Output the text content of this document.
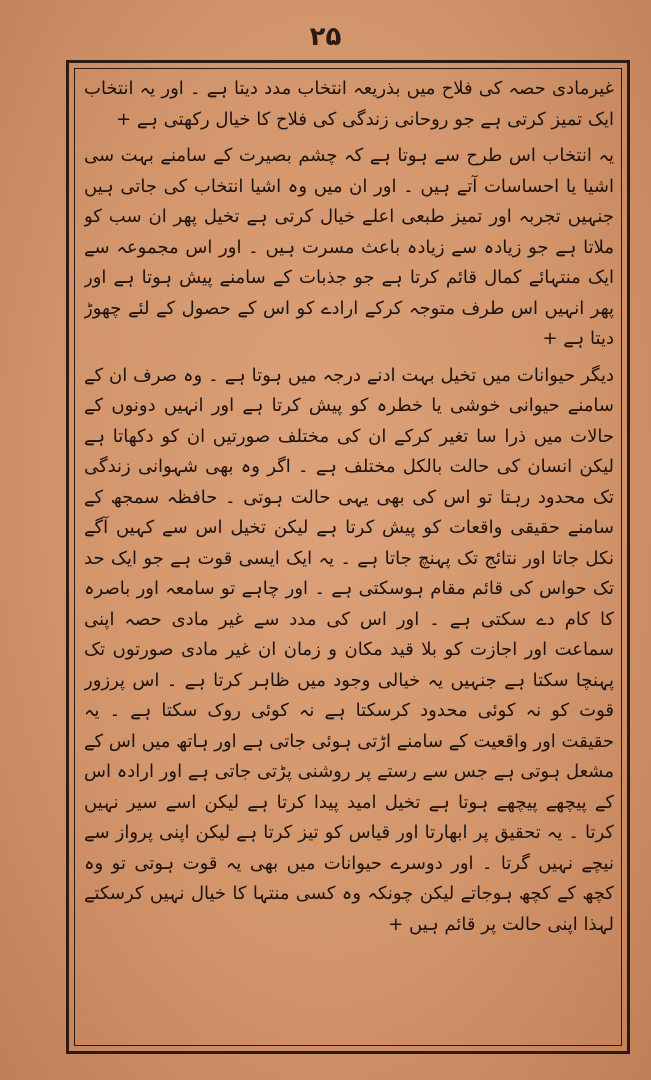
۲۵

غیرمادی حصہ کی فلاح میں بذریعہ انتخاب مدد دیتا ہے ۔ اور یہ انتخاب ایک تمیز کرتی ہے جو روحانی زندگی کی فلاح کا خیال رکھتی ہے +

یہ انتخاب اس طرح سے ہوتا ہے کہ چشم بصیرت کے سامنے بہت سی اشیا یا احساسات آتے ہیں ۔ اور ان میں وہ اشیا انتخاب کی جاتی ہیں جنہیں تجربہ اور تمیز طبعی اعلے خیال کرتی ہے تخیل پھر ان سب کو ملاتا ہے جو زیادہ سے زیادہ باعث مسرت ہیں ۔ اور اس مجموعہ سے ایک منتہائے کمال قائم کرتا ہے جو جذبات کے سامنے پیش ہوتا ہے اور پھر انہیں اس طرف متوجہ کرکے ارادے کو اس کے حصول کے لئے چھوڑ دیتا ہے +

دیگر حیوانات میں تخیل بہت ادنے درجہ میں ہوتا ہے ۔ وہ صرف ان کے سامنے حیوانی خوشی یا خطرہ کو پیش کرتا ہے اور انہیں دونوں کے حالات میں ذرا سا تغیر کرکے ان کی مختلف صورتیں ان کو دکھاتا ہے لیکن انسان کی حالت بالکل مختلف ہے ۔ اگر وہ بھی شہوانی زندگی تک محدود رہتا تو اس کی بھی یہی حالت ہوتی ۔ حافظہ سمجھ کے سامنے حقیقی واقعات کو پیش کرتا ہے لیکن تخیل اس سے کہیں آگے نکل جاتا اور نتائج تک پہنچ جاتا ہے ۔ یہ ایک ایسی قوت ہے جو ایک حد تک حواس کی قائم مقام ہوسکتی ہے ۔ اور چاہے تو سامعہ اور باصرہ کا کام دے سکتی ہے ۔ اور اس کی مدد سے غیر مادی حصہ اپنی سماعت اور اجازت کو بلا قید مکان و زمان ان غیر مادی صورتوں تک پہنچا سکتا ہے جنہیں یہ خیالی وجود میں ظاہر کرتا ہے ۔ اس پرزور قوت کو نہ کوئی محدود کرسکتا ہے نہ کوئی روک سکتا ہے ۔ یہ حقیقت اور واقعیت کے سامنے اڑتی ہوئی جاتی ہے اور ہاتھ میں اس کے مشعل ہوتی ہے جس سے رستے پر روشنی پڑتی جاتی ہے اور ارادہ اس کے پیچھے پیچھے ہوتا ہے تخیل امید پیدا کرتا ہے لیکن اسے سیر نہیں کرتا ۔ یہ تحقیق پر ابھارتا اور قیاس کو تیز کرتا ہے لیکن اپنی پرواز سے نیچے نہیں گرتا ۔ اور دوسرے حیوانات میں بھی یہ قوت ہوتی تو وہ کچھ کے کچھ ہوجاتے لیکن چونکہ وہ کسی منتہا کا خیال نہیں کرسکتے لہذا اپنی حالت پر قائم ہیں +
